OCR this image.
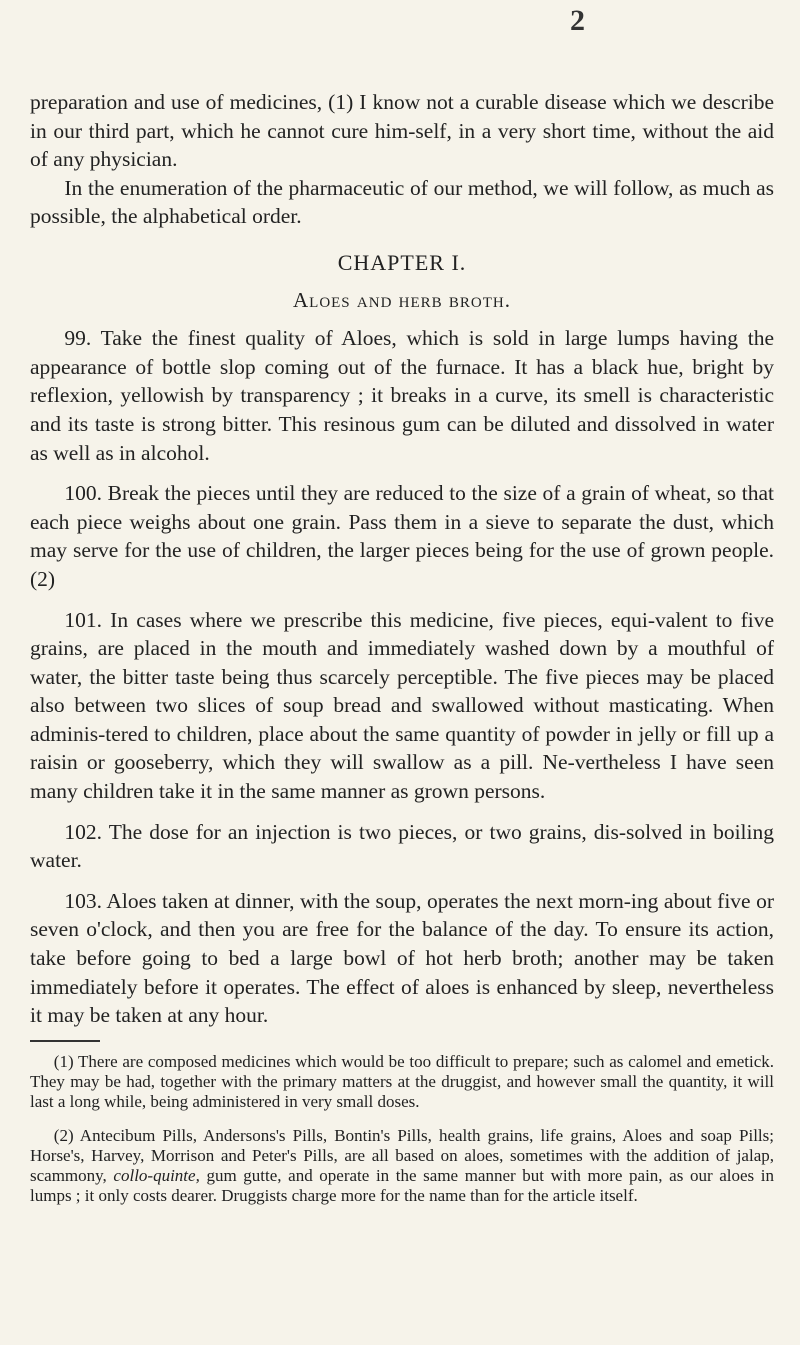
2

preparation and use of medicines, (1) I know not a curable disease which we describe in our third part, which he cannot cure him-self, in a very short time, without the aid of any physician.

In the enumeration of the pharmaceutic of our method, we will follow, as much as possible, the alphabetical order.

CHAPTER I.
Aloes and herb broth.

99. Take the finest quality of Aloes, which is sold in large lumps having the appearance of bottle slop coming out of the furnace. It has a black hue, bright by reflexion, yellowish by transparency ; it breaks in a curve, its smell is characteristic and its taste is strong bitter. This resinous gum can be diluted and dissolved in water as well as in alcohol.

100. Break the pieces until they are reduced to the size of a grain of wheat, so that each piece weighs about one grain. Pass them in a sieve to separate the dust, which may serve for the use of children, the larger pieces being for the use of grown people. (2)

101. In cases where we prescribe this medicine, five pieces, equi-valent to five grains, are placed in the mouth and immediately washed down by a mouthful of water, the bitter taste being thus scarcely perceptible. The five pieces may be placed also between two slices of soup bread and swallowed without masticating. When adminis-tered to children, place about the same quantity of powder in jelly or fill up a raisin or gooseberry, which they will swallow as a pill. Ne-vertheless I have seen many children take it in the same manner as grown persons.

102. The dose for an injection is two pieces, or two grains, dis-solved in boiling water.

103. Aloes taken at dinner, with the soup, operates the next morn-ing about five or seven o'clock, and then you are free for the balance of the day. To ensure its action, take before going to bed a large bowl of hot herb broth; another may be taken immediately before it operates. The effect of aloes is enhanced by sleep, nevertheless it may be taken at any hour.

(1) There are composed medicines which would be too difficult to prepare; such as calomel and emetick. They may be had, together with the primary matters at the druggist, and however small the quantity, it will last a long while, being administered in very small doses.

(2) Antecibum Pills, Andersons's Pills, Bontin's Pills, health grains, life grains, Aloes and soap Pills; Horse's, Harvey, Morrison and Peter's Pills, are all based on aloes, sometimes with the addition of jalap, scammony, collo-quinte, gum gutte, and operate in the same manner but with more pain, as our aloes in lumps ; it only costs dearer. Druggists charge more for the name than for the article itself.
